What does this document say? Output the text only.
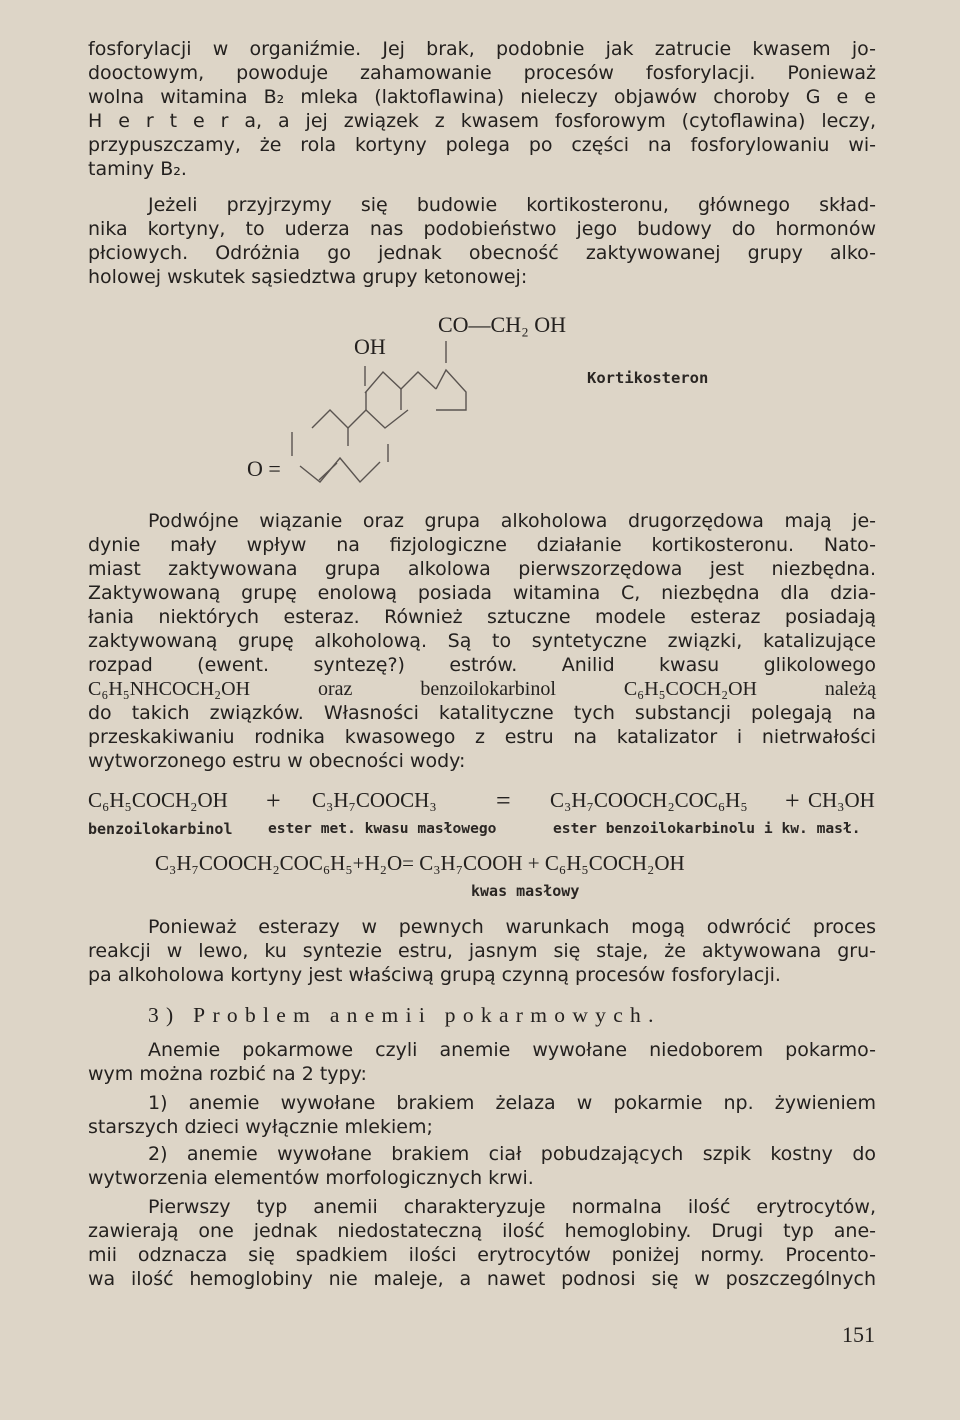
fosforylacji w organiźmie. Jej brak, podobnie jak zatrucie kwasem jo-
dooctowym, powoduje zahamowanie procesów fosforylacji. Ponieważ
wolna witamina B₂ mleka (laktoflawina) nieleczy objawów choroby G e e
H e r t e r a, a jej związek z kwasem fosforowym (cytoflawina) leczy,
przypuszczamy, że rola kortyny polega po części na fosforylowaniu wi-
taminy B₂.
Jeżeli przyjrzymy się budowie kortikosteronu, głównego skład-
nika kortyny, to uderza nas podobieństwo jego budowy do hormonów
płciowych. Odróżnia go jednak obecność zaktywowanej grupy alko-
holowej wskutek sąsiedztwa grupy ketonowej:
CO—CH₂ OH
OH
O =
Kortikosteron
Podwójne wiązanie oraz grupa alkoholowa drugorzędowa mają je-
dynie mały wpływ na fizjologiczne działanie kortikosteronu. Nato-
miast zaktywowana grupa alkolowa pierwszorzędowa jest niezbędna.
Zaktywowaną grupę enolową posiada witamina C, niezbędna dla dzia-
łania niektórych esteraz. Również sztuczne modele esteraz posiadają
zaktywowaną grupę alkoholową. Są to syntetyczne związki, katalizujące
rozpad (ewent. syntezę?) estrów. Anilid kwasu glikolowego
C₆H₅NHCOCH₂OH oraz benzoilokarbinol C₆H₅COCH₂OH należą
do takich związków. Własności katalityczne tych substancji polegają na
przeskakiwaniu rodnika kwasowego z estru na katalizator i nietrwałości
wytworzonego estru w obecności wody:
C₆H₅COCH₂OH + C₃H₇COOCH₃ = C₃H₇COOCH₂COC₆H₅ + CH₃OH
benzoilokarbinol ester met. kwasu masłowego	ester benzoilokarbinolu i kw. masł.
C₃H₇COOCH₂COC₆H₅+H₂O= C₃H₇COOH + C₆H₅COCH₂OH
kwas masłowy
Ponieważ esterazy w pewnych warunkach mogą odwrócić proces
reakcji w lewo, ku syntezie estru, jasnym się staje, że aktywowana gru-
pa alkoholowa kortyny jest właściwą grupą czynną procesów fosforylacji.
3) Problem anemii pokarmowych.
Anemie pokarmowe czyli anemie wywołane niedoborem pokarmo-
wym można rozbić na 2 typy:
1) anemie wywołane brakiem żelaza w pokarmie np. żywieniem
starszych dzieci wyłącznie mlekiem;
2) anemie wywołane brakiem ciał pobudzających szpik kostny do
wytworzenia elementów morfologicznych krwi.
Pierwszy typ anemii charakteryzuje normalna ilość erytrocytów,
zawierają one jednak niedostateczną ilość hemoglobiny. Drugi typ ane-
mii odznacza się spadkiem ilości erytrocytów poniżej normy. Procento-
wa ilość hemoglobiny nie maleje, a nawet podnosi się w poszczególnych
151
